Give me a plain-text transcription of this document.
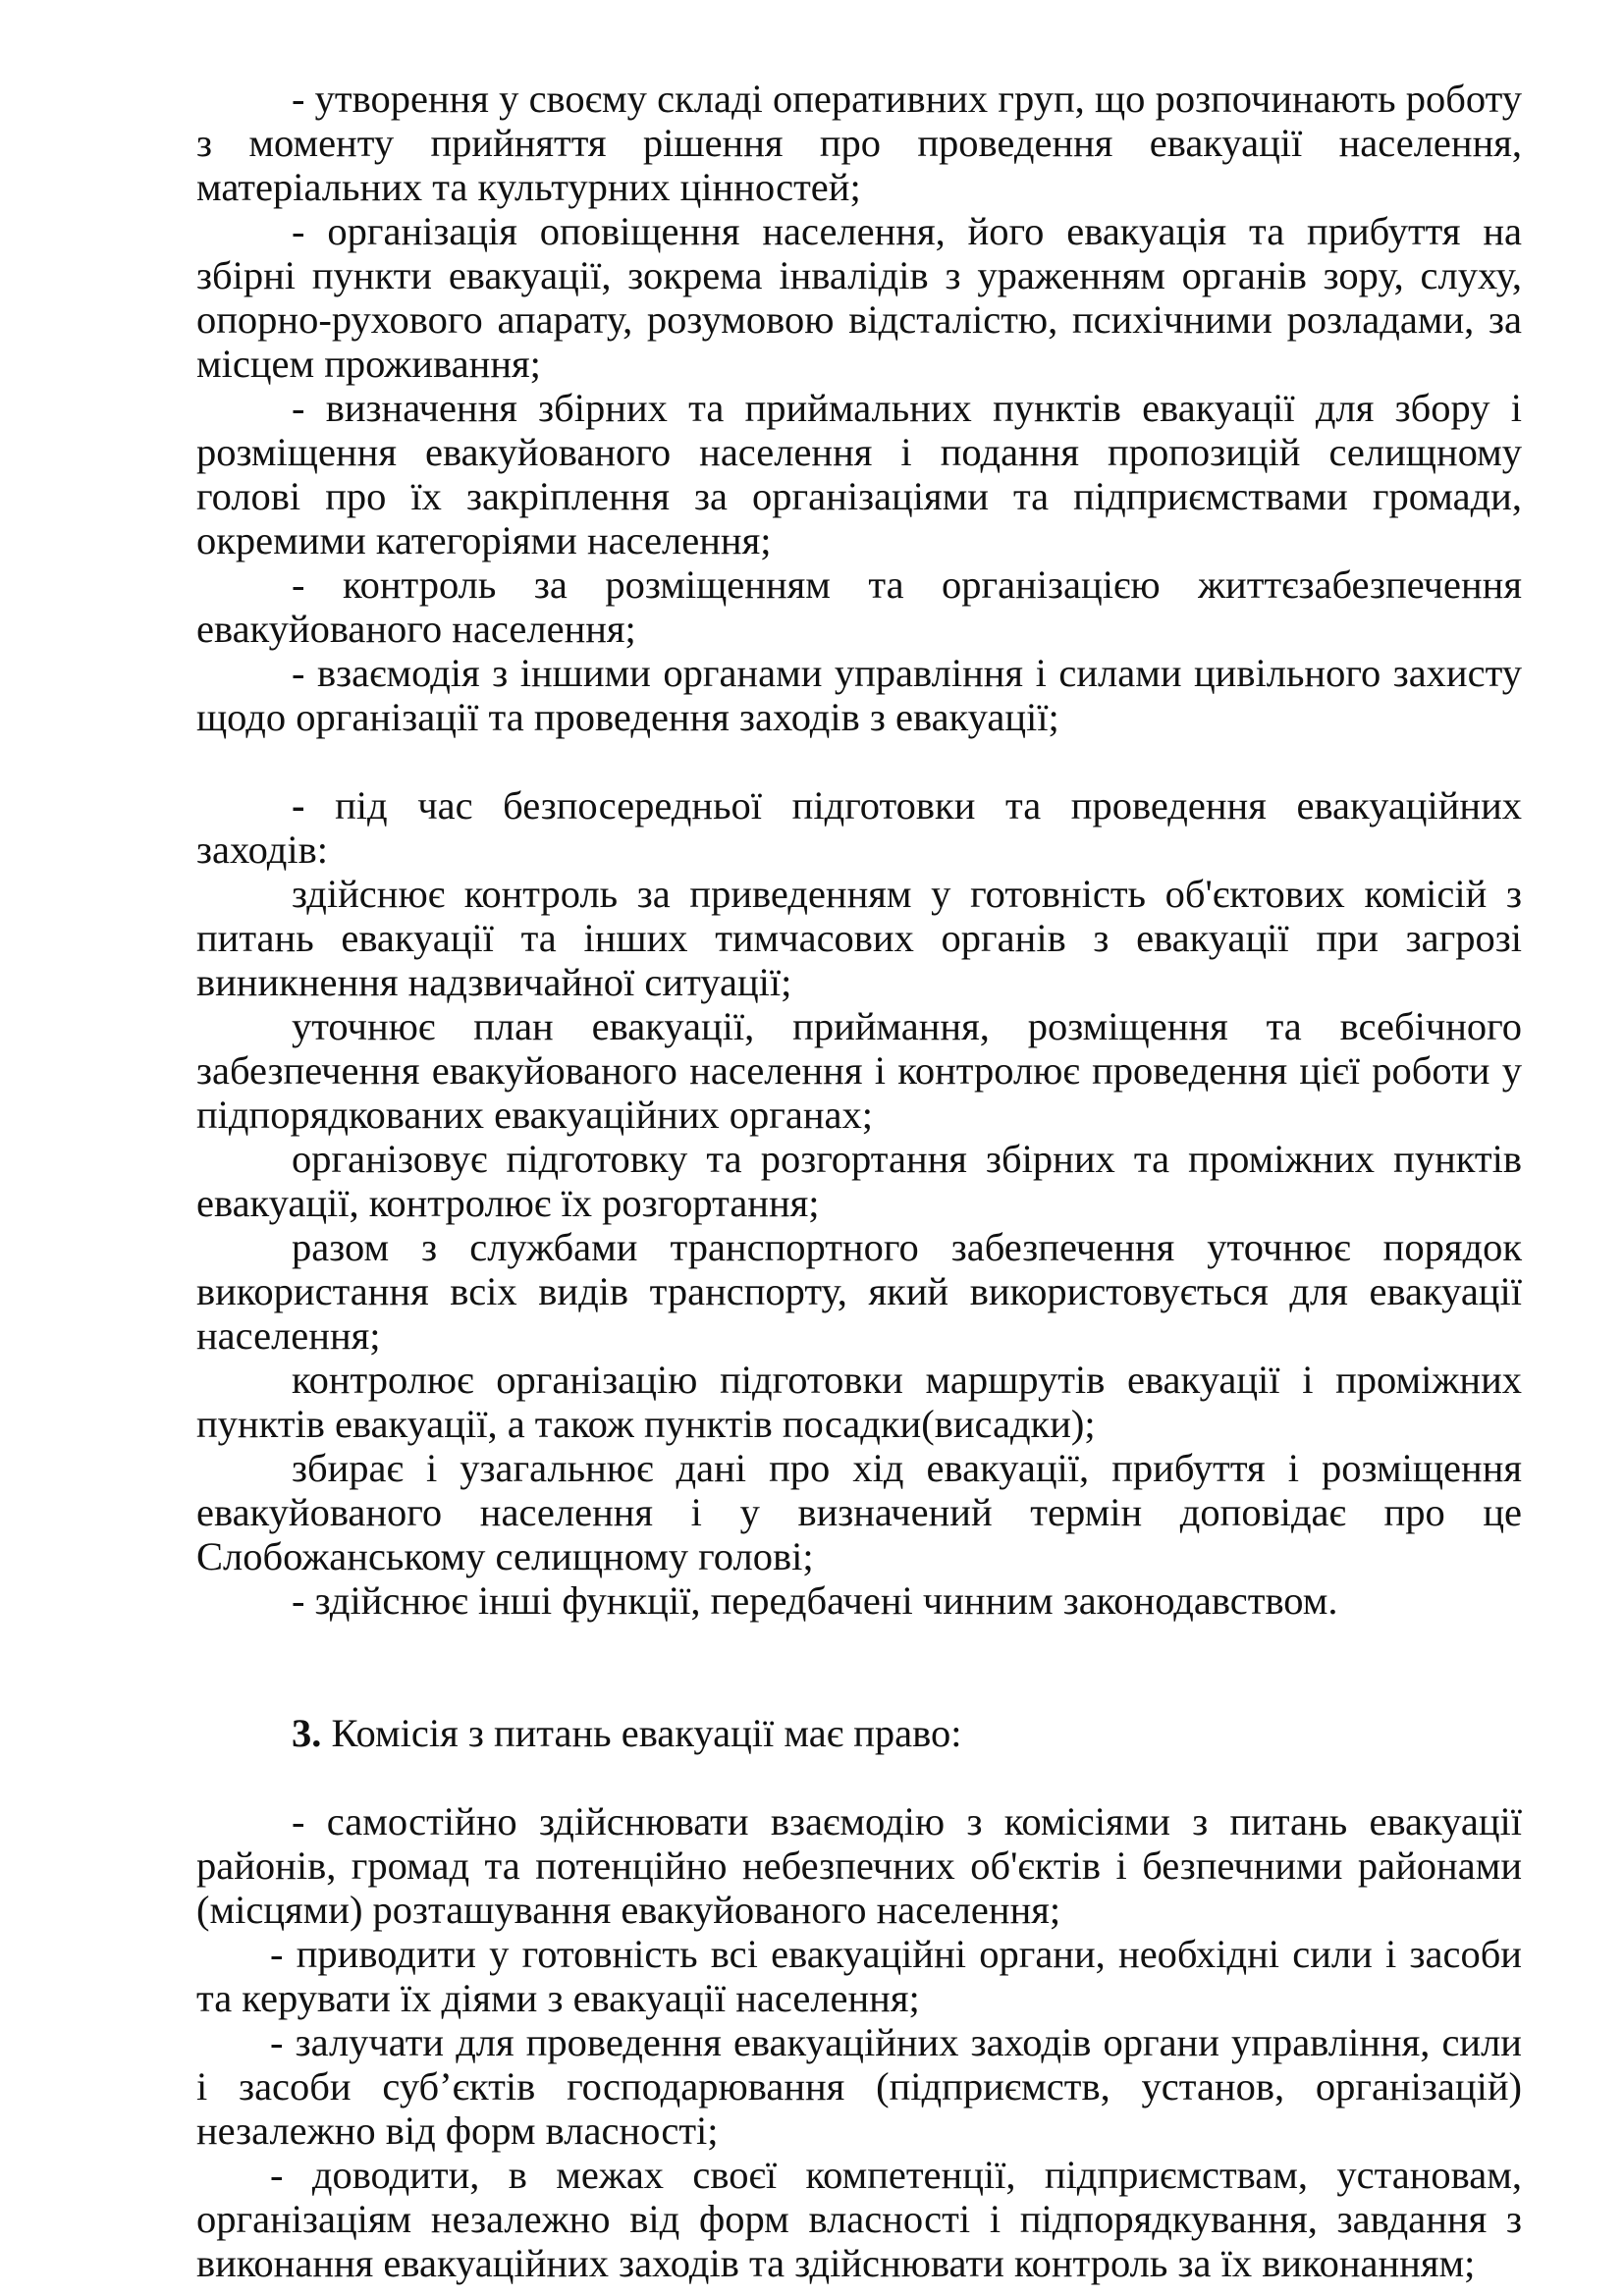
- утворення у своєму складі оперативних груп, що розпочинають роботу з моменту прийняття рішення про проведення евакуації населення, матеріальних та культурних цінностей;

- організація оповіщення населення, його евакуація та прибуття на збірні пункти евакуації, зокрема інвалідів з ураженням органів зору, слуху, опорно-рухового апарату, розумовою відсталістю, психічними розладами, за місцем проживання;

- визначення збірних та приймальних пунктів евакуації для збору і розміщення евакуйованого населення і подання пропозицій селищному голові про їх закріплення за організаціями та підприємствами громади, окремими категоріями населення;

- контроль за розміщенням та організацією життєзабезпечення евакуйованого населення;

- взаємодія з іншими органами управління і силами цивільного захисту щодо організації та проведення заходів з евакуації;

- під час безпосередньої підготовки та проведення евакуаційних заходів:

здійснює контроль за приведенням у готовність об'єктових комісій з питань евакуації та інших тимчасових органів з евакуації при загрозі виникнення надзвичайної ситуації;

уточнює план евакуації, приймання, розміщення та всебічного забезпечення евакуйованого населення і контролює проведення цієї роботи у підпорядкованих евакуаційних органах;

організовує підготовку та розгортання збірних та проміжних пунктів евакуації, контролює їх розгортання;

разом з службами транспортного забезпечення уточнює порядок використання всіх видів транспорту, який використовується для евакуації населення;

контролює організацію підготовки маршрутів евакуації і проміжних пунктів евакуації, а також пунктів посадки(висадки);

збирає і узагальнює дані про хід евакуації, прибуття і розміщення евакуйованого населення і у визначений термін доповідає про це Слобожанському селищному голові;

- здійснює інші функції, передбачені чинним законодавством.

3. Комісія з питань евакуації має право:

- самостійно здійснювати взаємодію з комісіями з питань евакуації районів, громад та потенційно небезпечних об'єктів і безпечними районами (місцями) розташування евакуйованого населення;

- приводити у готовність всі евакуаційні органи, необхідні сили і засоби та керувати їх діями з евакуації населення;

- залучати для проведення евакуаційних заходів органи управління, сили і засоби суб’єктів господарювання (підприємств, установ, організацій) незалежно від форм власності;

- доводити, в межах своєї компетенції, підприємствам, установам, організаціям незалежно від форм власності і підпорядкування, завдання з виконання евакуаційних заходів та здійснювати контроль за їх виконанням;
